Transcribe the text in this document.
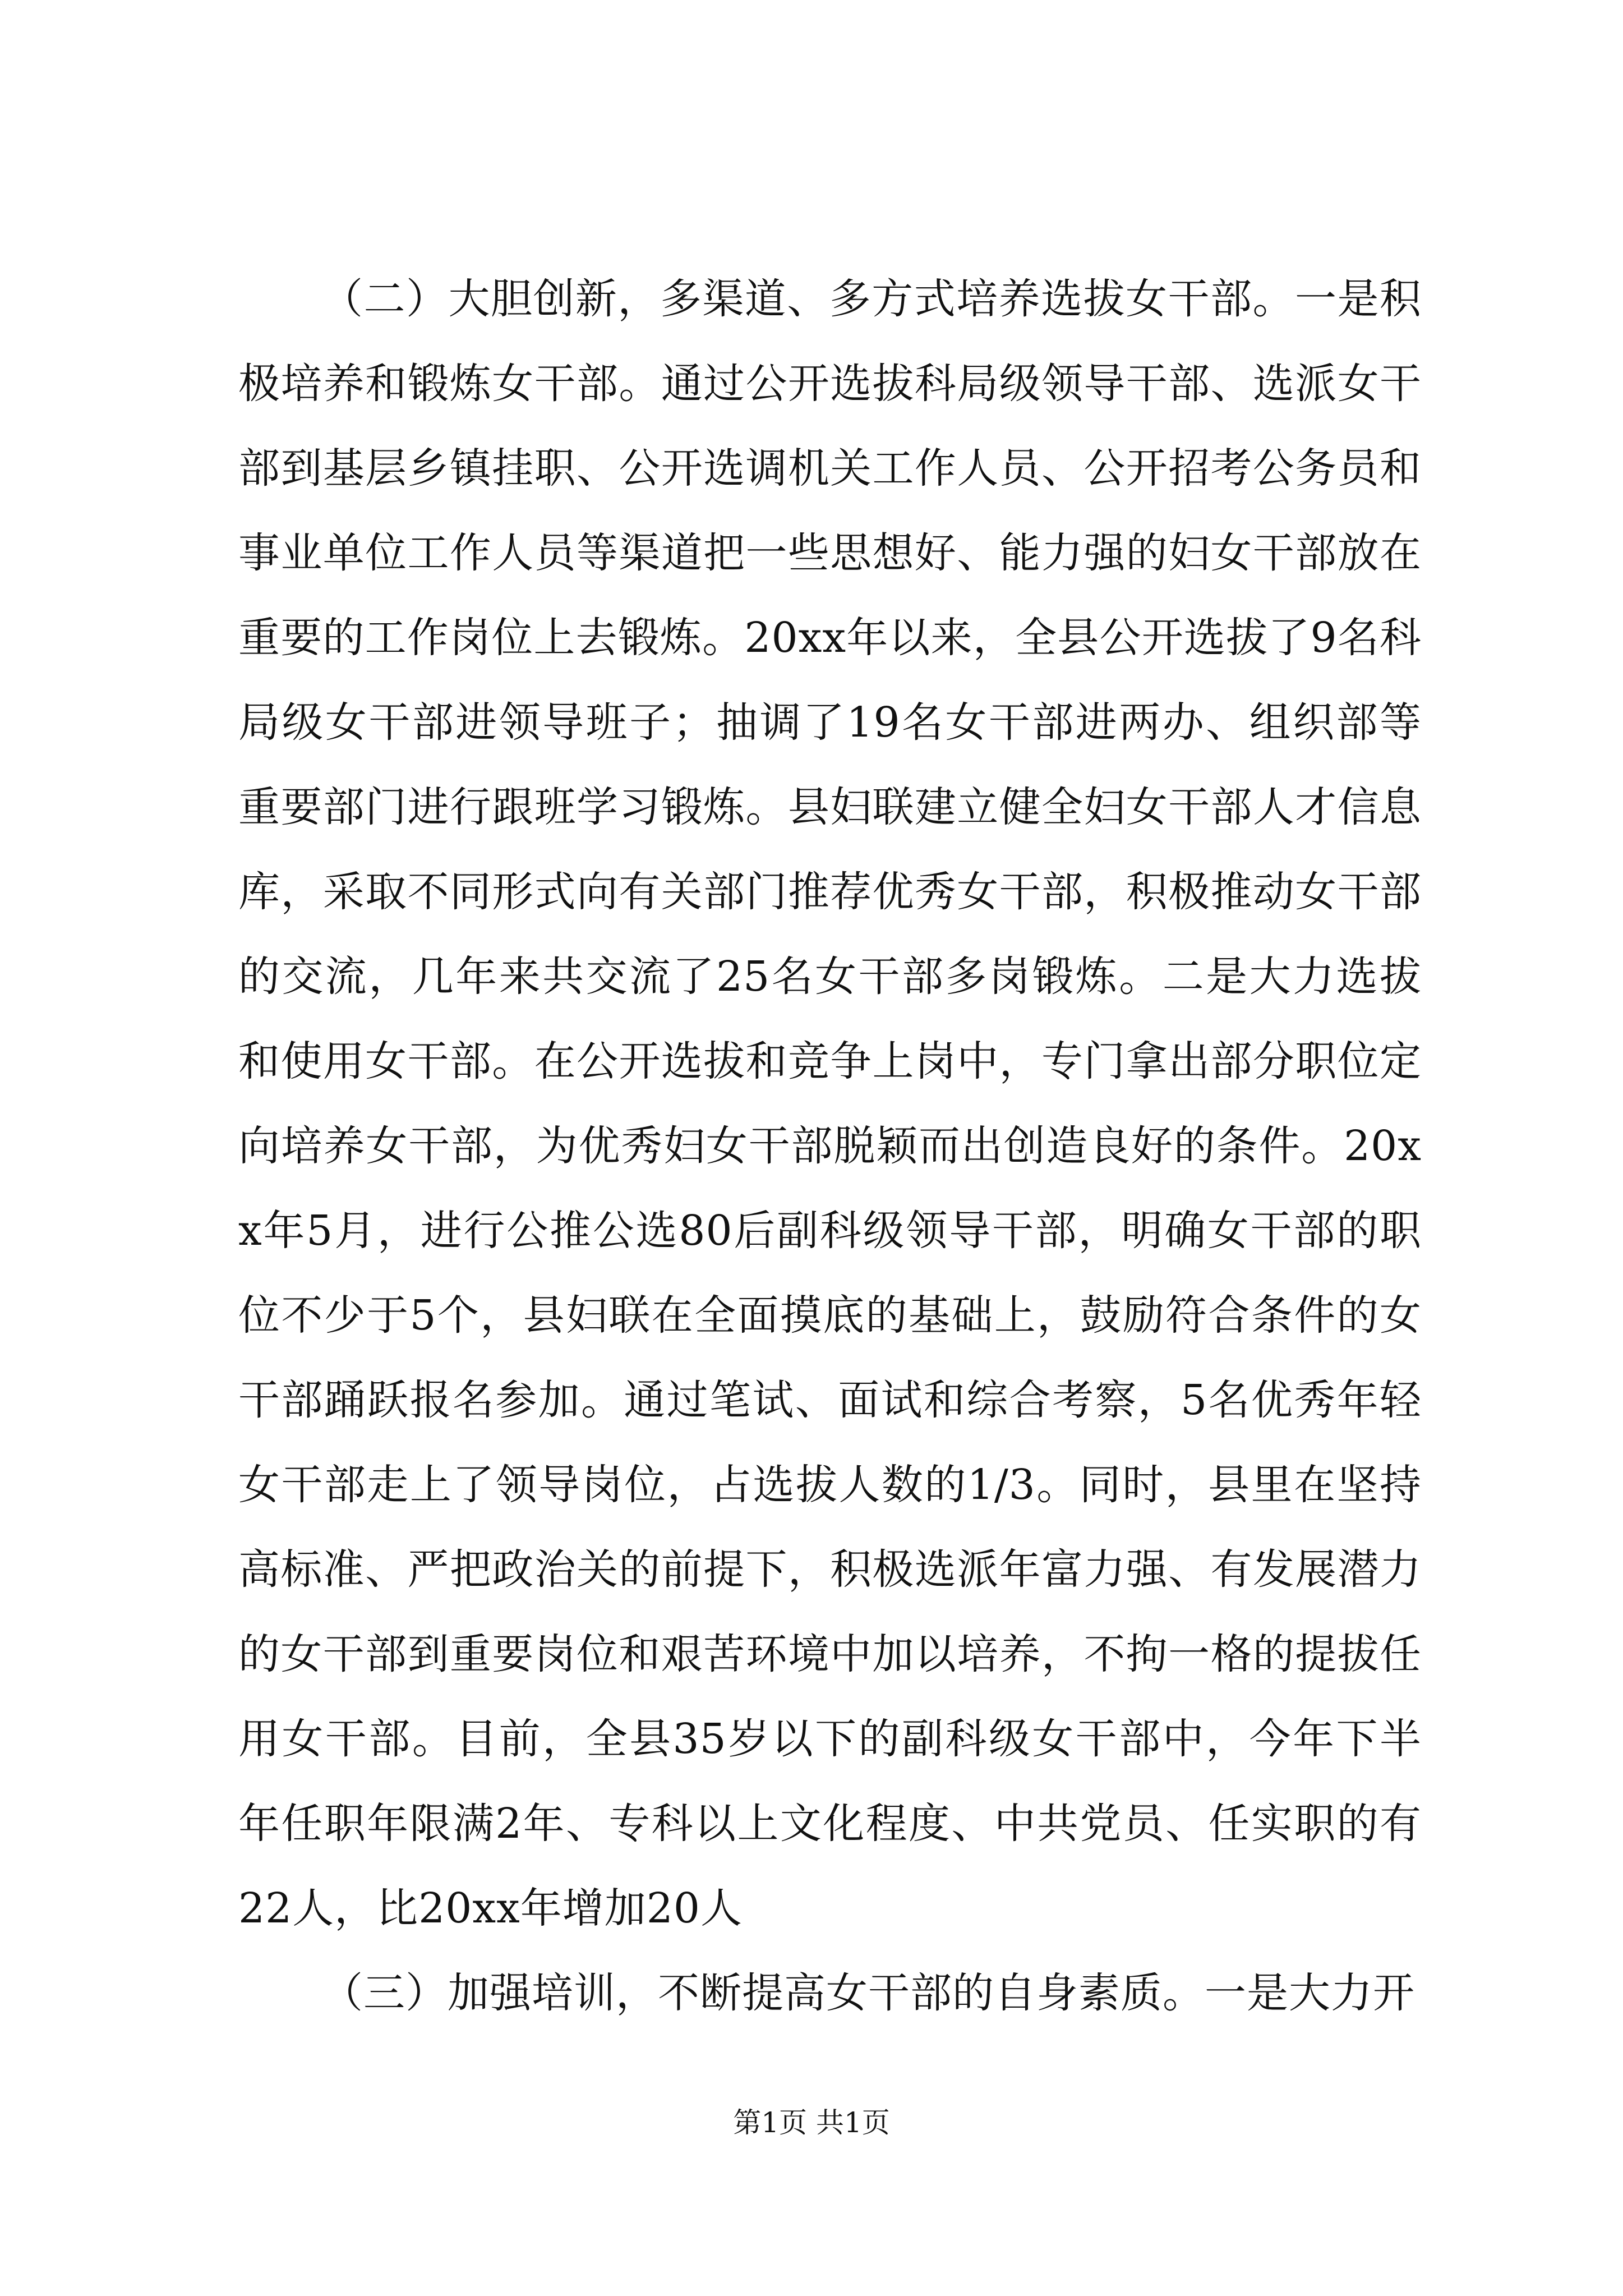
（二）大胆创新，多渠道、多方式培养选拔女干部。一是积极培养和锻炼女干部。通过公开选拔科局级领导干部、选派女干部到基层乡镇挂职、公开选调机关工作人员、公开招考公务员和事业单位工作人员等渠道把一些思想好、能力强的妇女干部放在重要的工作岗位上去锻炼。20xx年以来，全县公开选拔了9名科局级女干部进领导班子；抽调了19名女干部进两办、组织部等重要部门进行跟班学习锻炼。县妇联建立健全妇女干部人才信息库，采取不同形式向有关部门推荐优秀女干部，积极推动女干部的交流，几年来共交流了25名女干部多岗锻炼。二是大力选拔和使用女干部。在公开选拔和竞争上岗中，专门拿出部分职位定向培养女干部，为优秀妇女干部脱颖而出创造良好的条件。20xx年5月，进行公推公选80后副科级领导干部，明确女干部的职位不少于5个，县妇联在全面摸底的基础上，鼓励符合条件的女干部踊跃报名参加。通过笔试、面试和综合考察，5名优秀年轻女干部走上了领导岗位，占选拔人数的1/3。同时，县里在坚持高标准、严把政治关的前提下，积极选派年富力强、有发展潜力的女干部到重要岗位和艰苦环境中加以培养，不拘一格的提拔任用女干部。目前，全县35岁以下的副科级女干部中，今年下半年任职年限满2年、专科以上文化程度、中共党员、任实职的有22人，比20xx年增加20人

（三）加强培训，不断提高女干部的自身素质。一是大力开

第1页 共1页
